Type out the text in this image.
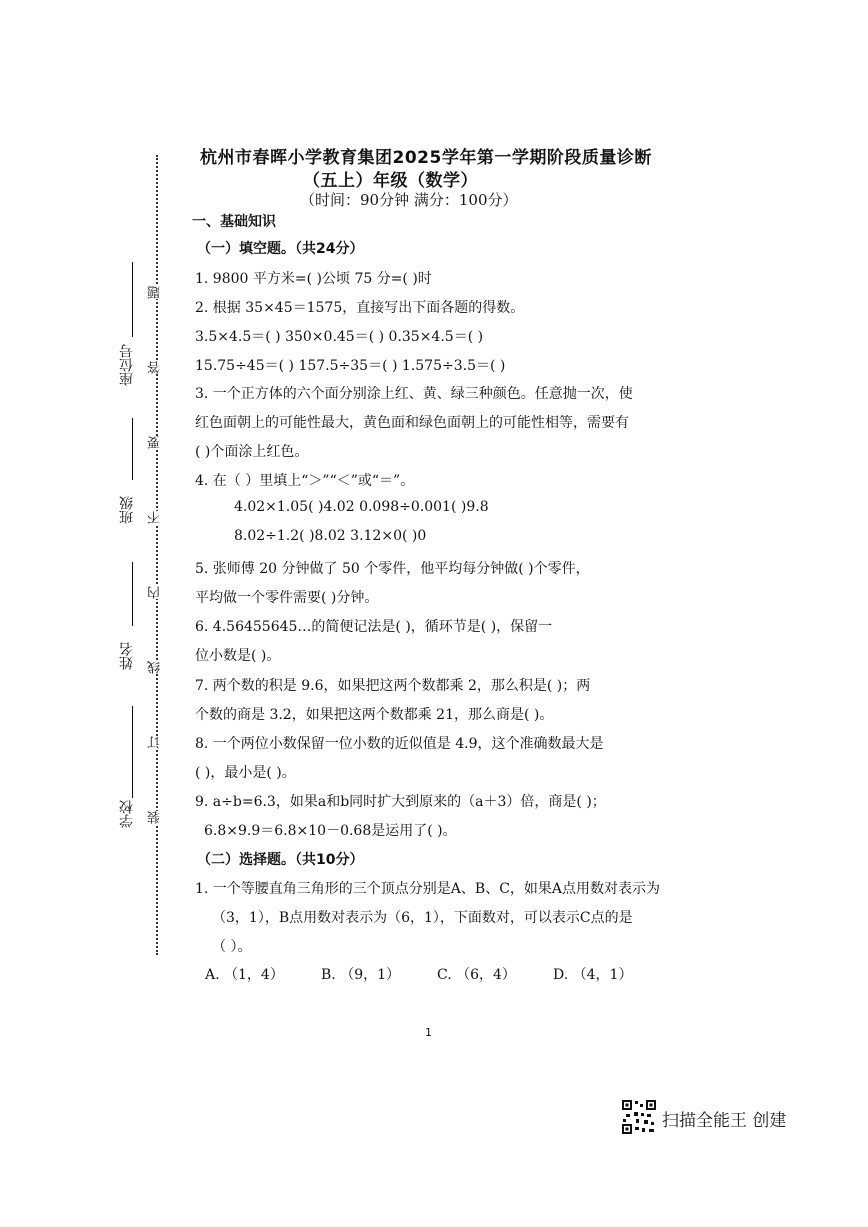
杭州市春晖小学教育集团2025学年第一学期阶段质量诊断
（五上）年级（数学）
（时间：90分钟 满分：100分）
座位号
班级
姓名
学校
题
答
要
不
内
线
订
装
一、基础知识
（一）填空题。（共24分）
1. 9800 平方米=( )公顷 75 分=( )时
2. 根据 35×45＝1575，直接写出下面各题的得数。
3.5×4.5＝( ) 350×0.45＝( ) 0.35×4.5＝( )
15.75÷45＝( ) 157.5÷35＝( ) 1.575÷3.5＝( )
3. 一个正方体的六个面分别涂上红、黄、绿三种颜色。任意抛一次，使
红色面朝上的可能性最大，黄色面和绿色面朝上的可能性相等，需要有
( )个面涂上红色。
4. 在（ ）里填上“＞”“＜”或“＝”。
4.02×1.05( )4.02 0.098÷0.001( )9.8
8.02÷1.2( )8.02 3.12×0( )0
5. 张师傅 20 分钟做了 50 个零件，他平均每分钟做( )个零件，
平均做一个零件需要( )分钟。
6. 4.56455645…的简便记法是( )，循环节是( )，保留一
位小数是( )。
7. 两个数的积是 9.6，如果把这两个数都乘 2，那么积是( )；两
个数的商是 3.2，如果把这两个数都乘 21，那么商是( )。
8. 一个两位小数保留一位小数的近似值是 4.9，这个准确数最大是
( )，最小是( )。
9. a÷b=6.3，如果a和b同时扩大到原来的（a＋3）倍，商是( )；
6.8×9.9＝6.8×10－0.68是运用了( )。
（二）选择题。（共10分）
1. 一个等腰直角三角形的三个顶点分别是A、B、C，如果A点用数对表示为
（3，1），B点用数对表示为（6，1），下面数对，可以表示C点的是
（ ）。
A. （1，4）	B. （9，1）	C. （6，4）	D. （4，1）
1
扫描全能王 创建
